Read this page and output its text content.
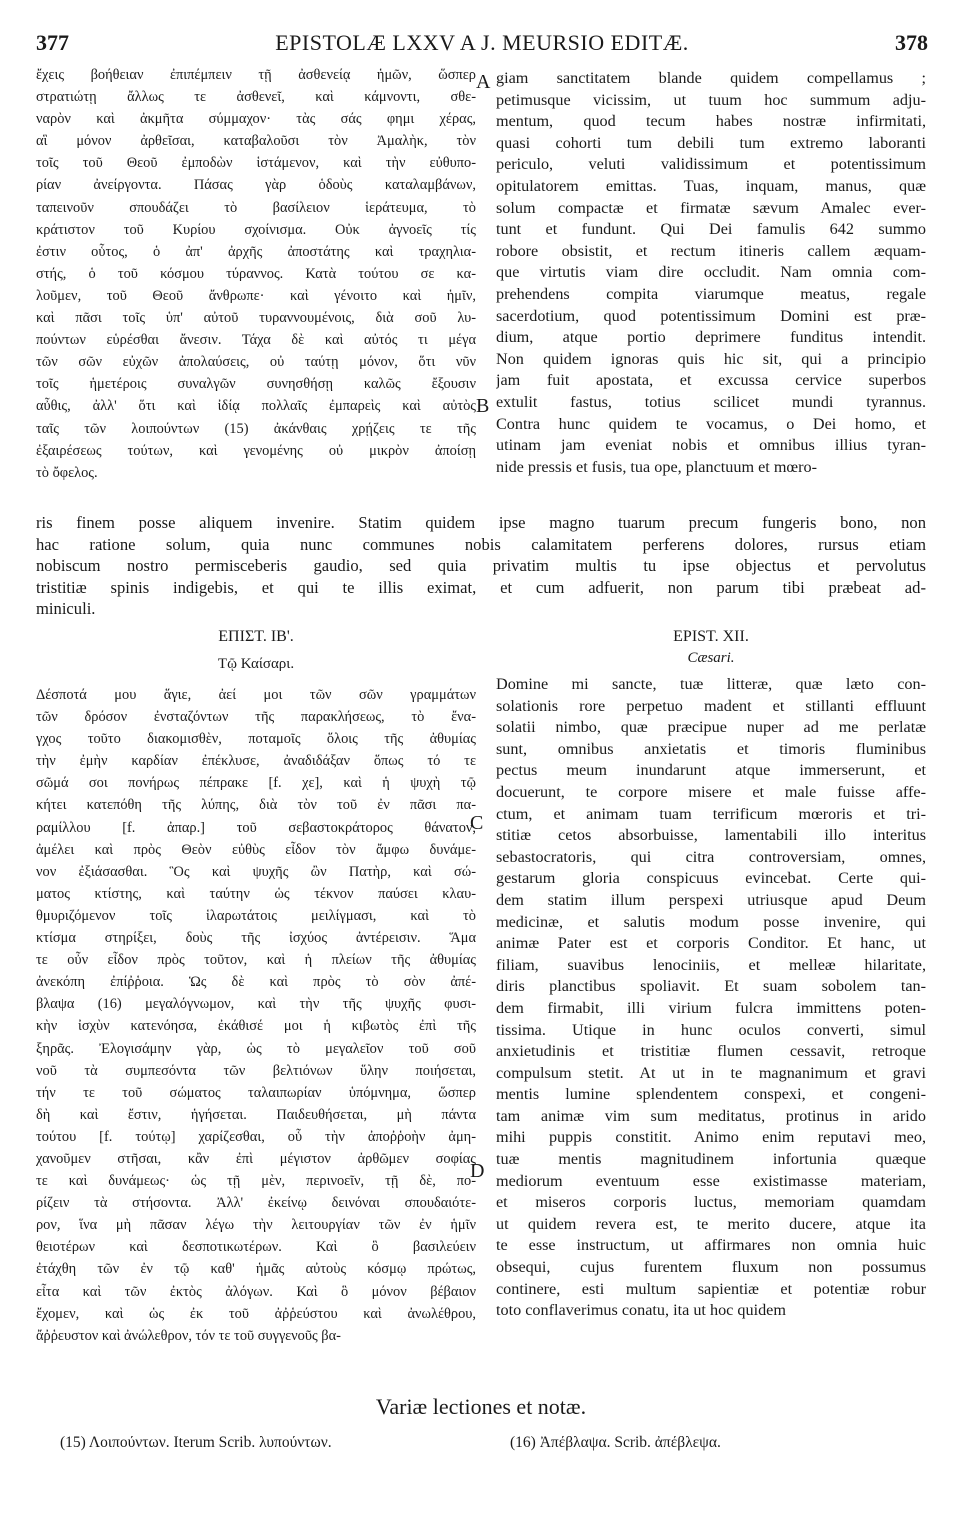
377	EPISTOLÆ LXXV A J. MEURSIO EDITÆ.	378
ἔχεις βοήθειαν ἐπιπέμπειν τῇ ἀσθενείᾳ ἡμῶν, ὥσπερ
στρατιώτῃ ἄλλως τε ἀσθενεῖ, καὶ κάμνοντι, σθε-
ναρὸν καὶ ἀκμῆτα σύμμαχον· τὰς σάς φημι χέρας,
αἳ μόνον ἀρθεῖσαι, καταβαλοῦσι τὸν Ἀμαλὴκ, τὸν
τοῖς τοῦ Θεοῦ ἐμποδὼν ἱστάμενον, καὶ τὴν εὐθυπο-
ρίαν ἀνείργοντα. Πάσας γὰρ ὁδοὺς καταλαμβάνων,
ταπεινοῦν σπουδάζει τὸ βασίλειον ἱεράτευμα, τὸ
κράτιστον τοῦ Κυρίου σχοίνισμα. Οὐκ ἀγνοεῖς τίς
ἐστιν οὗτος, ὁ ἀπ' ἀρχῆς ἀποστάτης καὶ τραχηλια-
στής, ὁ τοῦ κόσμου τύραννος. Κατὰ τούτου σε κα-
λοῦμεν, τοῦ Θεοῦ ἄνθρωπε· καὶ γένοιτο καὶ ἡμῖν,
καὶ πᾶσι τοῖς ὑπ' αὐτοῦ τυραννουμένοις, διὰ σοῦ λυ-
πούντων εὑρέσθαι ἄνεσιν. Τάχα δὲ καὶ αὐτός τι μέγα
τῶν σῶν εὐχῶν ἀπολαύσεις, οὐ ταύτῃ μόνον, ὅτι νῦν
τοῖς ἡμετέροις συναλγῶν συνησθήσῃ καλῶς ἔξουσιν
αὖθις, ἀλλ' ὅτι καὶ ἰδίᾳ πολλαῖς ἐμπαρεὶς καὶ αὐτὸς
ταῖς τῶν λοιπούντων (15) ἀκάνθαις χρῄζεις τε τῆς
ἐξαιρέσεως τούτων, καὶ γενομένης οὐ μικρὸν ἀποίσῃ
τὸ ὄφελος.
A giam sanctitatem blande quidem compellamus ;
petimusque vicissim, ut tuum hoc summum adju-
mentum, quod tecum habes nostræ infirmitati,
quasi cohorti tum debili tum extremo laboranti
periculo, veluti validissimum et potentissimum
opitulatorem emittas. Tuas, inquam, manus, quæ
solum compactæ et firmatæ sævum Amalec ever-
tunt et fundunt. Qui Dei famulis 642 summo
robore obsistit, et rectum itineris callem æquam-
que virtutis viam dire occludit. Nam omnia com-
prehendens compita viarumque meatus, regale
sacerdotium, quod potentissimum Domini est præ-
dium, atque portio deprimere funditus intendit.
Non quidem ignoras quis hic sit, qui a principio
jam fuit apostata, et excussa cervice superbos
extulit fastus, totius scilicet mundi tyrannus.
Contra hunc quidem te vocamus, o Dei homo, et
utinam jam eveniat nobis et omnibus illius tyran-
nide pressis et fusis, tua ope, planctuum et mœro-
B
ris finem posse aliquem invenire. Statim quidem ipse magno tuarum precum fungeris bono, non
hac ratione solum, quia nunc communes nobis calamitatem perferens dolores, rursus etiam
nobiscum nostro permisceberis gaudio, sed quia privatim multis tu ipse objectus et pervolutus
tristitiæ spinis indigebis, et qui te illis eximat, et cum adfuerit, non parum tibi præbeat ad-
miniculi.
ΕΠΙΣΤ. ΙΒ'.
Τῷ Καίσαρι.
EPIST. XII.
Cæsari.
Δέσποτά μου ἅγιε, ἀεί μοι τῶν σῶν γραμμάτων
τῶν δρόσον ἐνσταζόντων τῆς παρακλήσεως, τὸ ἔνα-
γχος τοῦτο διακομισθὲν, ποταμοῖς ὅλοις τῆς ἀθυμίας
τὴν ἐμὴν καρδίαν ἐπέκλυσε, ἀναδιδάξαν ὅπως τό τε
σῶμά σοι πονήρως πέπρακε [f. χε], καὶ ἡ ψυχὴ τῷ
κήτει κατεπόθη τῆς λύπης, διὰ τὸν τοῦ ἐν πᾶσι πα-
ραμίλλου [f. ἀπαρ.] τοῦ σεβαστοκράτορος θάνατον,
ἀμέλει καὶ πρὸς Θεὸν εὐθὺς εἶδον τὸν ἄμφω δυνάμε-
νον ἐξιάσασθαι. Ὃς καὶ ψυχῆς ὢν Πατὴρ, καὶ σώ-
ματος κτίστης, καὶ ταύτην ὡς τέκνον παύσει κλαυ-
θμυριζόμενον τοῖς ἱλαρωτάτοις μειλίγμασι, καὶ τὸ
κτίσμα στηρίξει, δοὺς τῆς ἰσχύος ἀντέρεισιν. Ἅμα
τε οὖν εἶδον πρὸς τοῦτον, καὶ ἡ πλείων τῆς ἀθυμίας
ἀνεκόπη ἐπίῤῥοια. Ὡς δὲ καὶ πρὸς τὸ σὸν ἀπέ-
βλαψα (16) μεγαλόγνωμον, καὶ τὴν τῆς ψυχῆς φυσι-
κὴν ἰσχὺν κατενόησα, ἐκάθισέ μοι ἡ κιβωτὸς ἐπὶ τῆς
ξηρᾶς. Ἐλογισάμην γὰρ, ὡς τὸ μεγαλεῖον τοῦ σοῦ
νοῦ τὰ συμπεσόντα τῶν βελτιόνων ὕλην ποιήσεται,
τήν τε τοῦ σώματος ταλαιπωρίαν ὑπόμνημα, ὥσπερ
δὴ καὶ ἔστιν, ἡγήσεται. Παιδευθήσεται, μὴ πάντα
τούτου [f. τούτῳ] χαρίζεσθαι, οὗ τὴν ἀποῤῥοὴν ἀμη-
χανοῦμεν στῆσαι, κἂν ἐπὶ μέγιστον ἀρθῶμεν σοφίας
τε καὶ δυνάμεως· ὡς τῇ μὲν, περινοεῖν, τῇ δὲ, πο-
ρίζειν τὰ στήσοντα. Ἀλλ' ἐκείνῳ δεινόναι σπουδαιότε-
ρον, ἵνα μὴ πᾶσαν λέγω τὴν λειτουργίαν τῶν ἐν ἡμῖν
θειοτέρων καὶ δεσποτικωτέρων. Καὶ ὃ βασιλεύειν
ἐτάχθη τῶν ἐν τῷ καθ' ἡμᾶς αὐτοὺς κόσμῳ πρώτως,
εἶτα καὶ τῶν ἐκτὸς ἀλόγων. Καὶ ὃ μόνον βέβαιον
ἔχομεν, καὶ ὡς ἐκ τοῦ ἀῤῥεύστου καὶ ἀνωλέθρου,
ἄῤῥευστον καὶ ἀνώλεθρον, τόν τε τοῦ συγγενοῦς βα-
C
Domine mi sancte, tuæ litteræ, quæ læto con-
solationis rore perpetuo madent et stillanti effluunt
solatii nimbo, quæ præcipue nuper ad me perlatæ
sunt, omnibus anxietatis et timoris fluminibus
pectus meum inundarunt atque immerserunt, et
docuerunt, te corpore misere et male fuisse affe-
ctum, et animam tuam terrificum mœroris et tri-
stitiæ cetos absorbuisse, lamentabili illo interitus
sebastocratoris, qui citra controversiam, omnes,
gestarum gloria conspicuus evincebat. Certe qui-
dem statim illum perspexi utriusque apud Deum
medicinæ, et salutis modum posse invenire, qui
animæ Pater est et corporis Conditor. Et hanc, ut
filiam, suavibus lenociniis, et melleæ hilaritate,
diris planctibus spoliavit. Et suam sobolem tan-
dem firmabit, illi virium fulcra immittens poten-
tissima. Utique in hunc oculos converti, simul
anxietudinis et tristitiæ flumen cessavit, retroque
compulsum stetit. At ut in te magnanimum et gravi
mentis lumine splendentem conspexi, et congeni-
tam animæ vim sum meditatus, protinus in arido
mihi puppis constitit. Animo enim reputavi meo,
tuæ mentis magnitudinem infortunia quæque
mediorum eventuum esse existimasse materiam,
et miseros corporis luctus, memoriam quamdam
ut quidem revera est, te merito ducere, atque ita
te esse instructum, ut affirmares non omnia huic
obsequi, cujus furentem fluxum non possumus
continere, esti multum sapientiæ et potentiæ robur
toto conflaverimus conatu, ita ut hoc quidem
D
Variæ lectiones et notæ.
(15) Λοιπούντων. Iterum Scrib. λυπούντων.	(16) Ἀπέβλαψα. Scrib. ἀπέβλεψα.
